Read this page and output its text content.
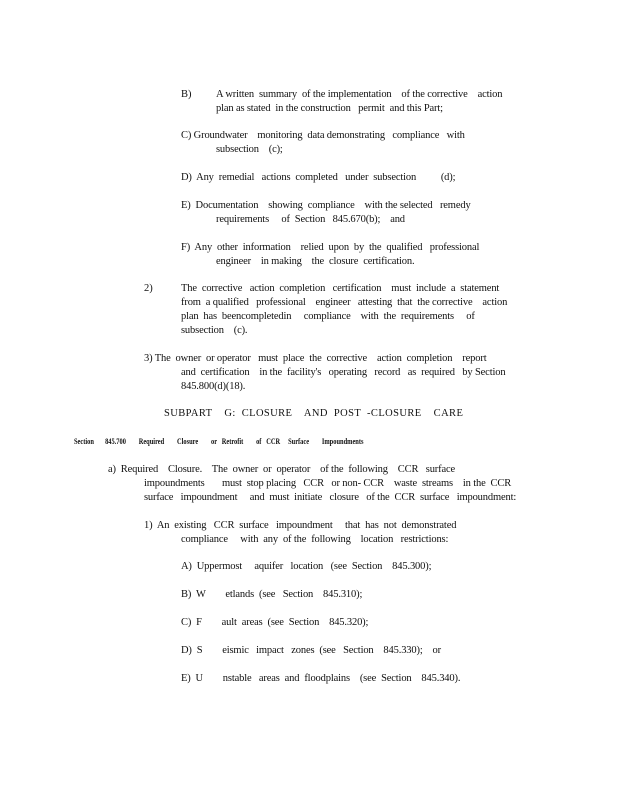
B) A written  summary  of the implementation    of the corrective    action
plan as stated  in the construction   permit  and this Part;
C) Groundwater    monitoring  data demonstrating   compliance   with
subsection    (c);
D)  Any  remedial   actions  completed   under  subsection          (d);
E)  Documentation    showing  compliance    with the selected   remedy
requirements     of  Section   845.670(b);    and
F)  Any  other  information    relied  upon  by  the  qualified   professional
engineer    in making    the  closure  certification.
2)	The  corrective   action  completion   certification    must  include  a  statement
from  a qualified   professional    engineer   attesting  that  the corrective    action
plan  has  beencompletedin     compliance    with  the  requirements     of
subsection    (c).
3) The  owner  or operator   must  place  the  corrective    action  completion    report
and  certification    in the  facility's   operating   record   as  required   by Section
845.800(d)(18).
SUBPART    G:  CLOSURE    AND  POST  -CLOSURE    CARE
Section       845.700        Required        Closure        or   Retrofit        of   CCR     Surface        Impoundments
a)  Required    Closure.    The  owner  or  operator    of the  following    CCR   surface
impoundments       must  stop placing   CCR   or non- CCR    waste  streams    in the  CCR
surface   impoundment     and  must  initiate   closure   of the  CCR  surface   impoundment:
1)  An  existing   CCR  surface   impoundment     that  has  not  demonstrated
compliance     with  any  of the  following    location   restrictions:
A)  Uppermost     aquifer   location   (see  Section    845.300);
B)  W        etlands  (see   Section    845.310);
C)  F        ault  areas  (see  Section    845.320);
D)  S        eismic   impact   zones  (see   Section    845.330);    or
E)  U        nstable   areas  and  floodplains    (see  Section    845.340).
